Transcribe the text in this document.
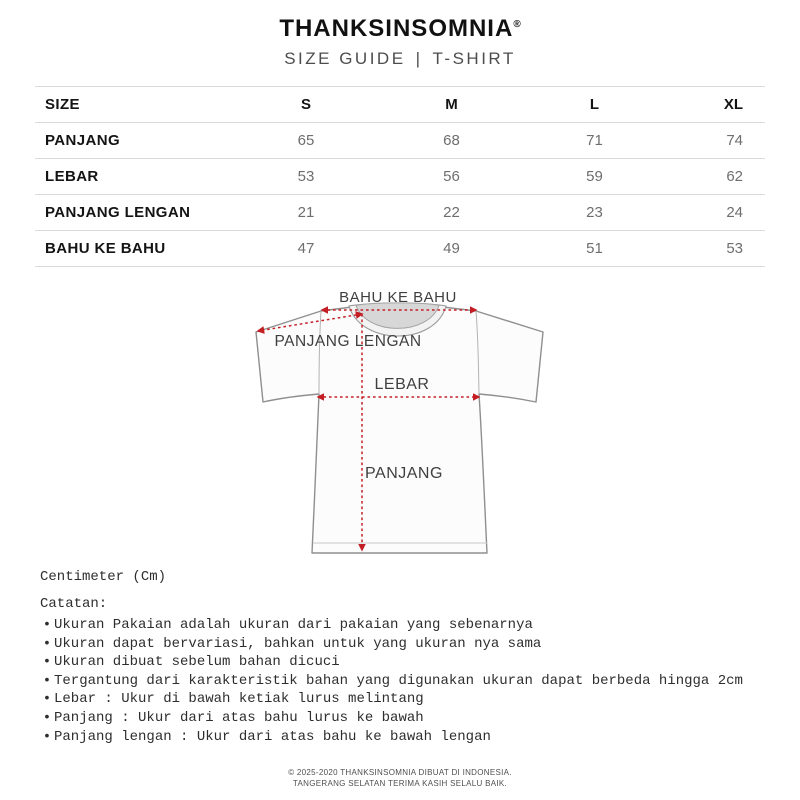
THANKSINSOMNIA®
SIZE GUIDE | T-SHIRT
SIZE	S	M	L	XL
PANJANG	65	68	71	74
LEBAR	53	56	59	62
PANJANG LENGAN	21	22	23	24
BAHU KE BAHU	47	49	51	53
BAHU KE BAHU
PANJANG LENGAN
LEBAR
PANJANG
Centimeter (Cm)
Catatan:
• Ukuran Pakaian adalah ukuran dari pakaian yang sebenarnya
• Ukuran dapat bervariasi, bahkan untuk yang ukuran nya sama
• Ukuran dibuat sebelum bahan dicuci
• Tergantung dari karakteristik bahan yang digunakan ukuran dapat berbeda hingga 2cm
• Lebar : Ukur di bawah ketiak lurus melintang
• Panjang : Ukur dari atas bahu lurus ke bawah
• Panjang lengan : Ukur dari atas bahu ke bawah lengan
© 2025-2020 THANKSINSOMNIA DIBUAT DI INDONESIA.
TANGERANG SELATAN TERIMA KASIH SELALU BAIK.
